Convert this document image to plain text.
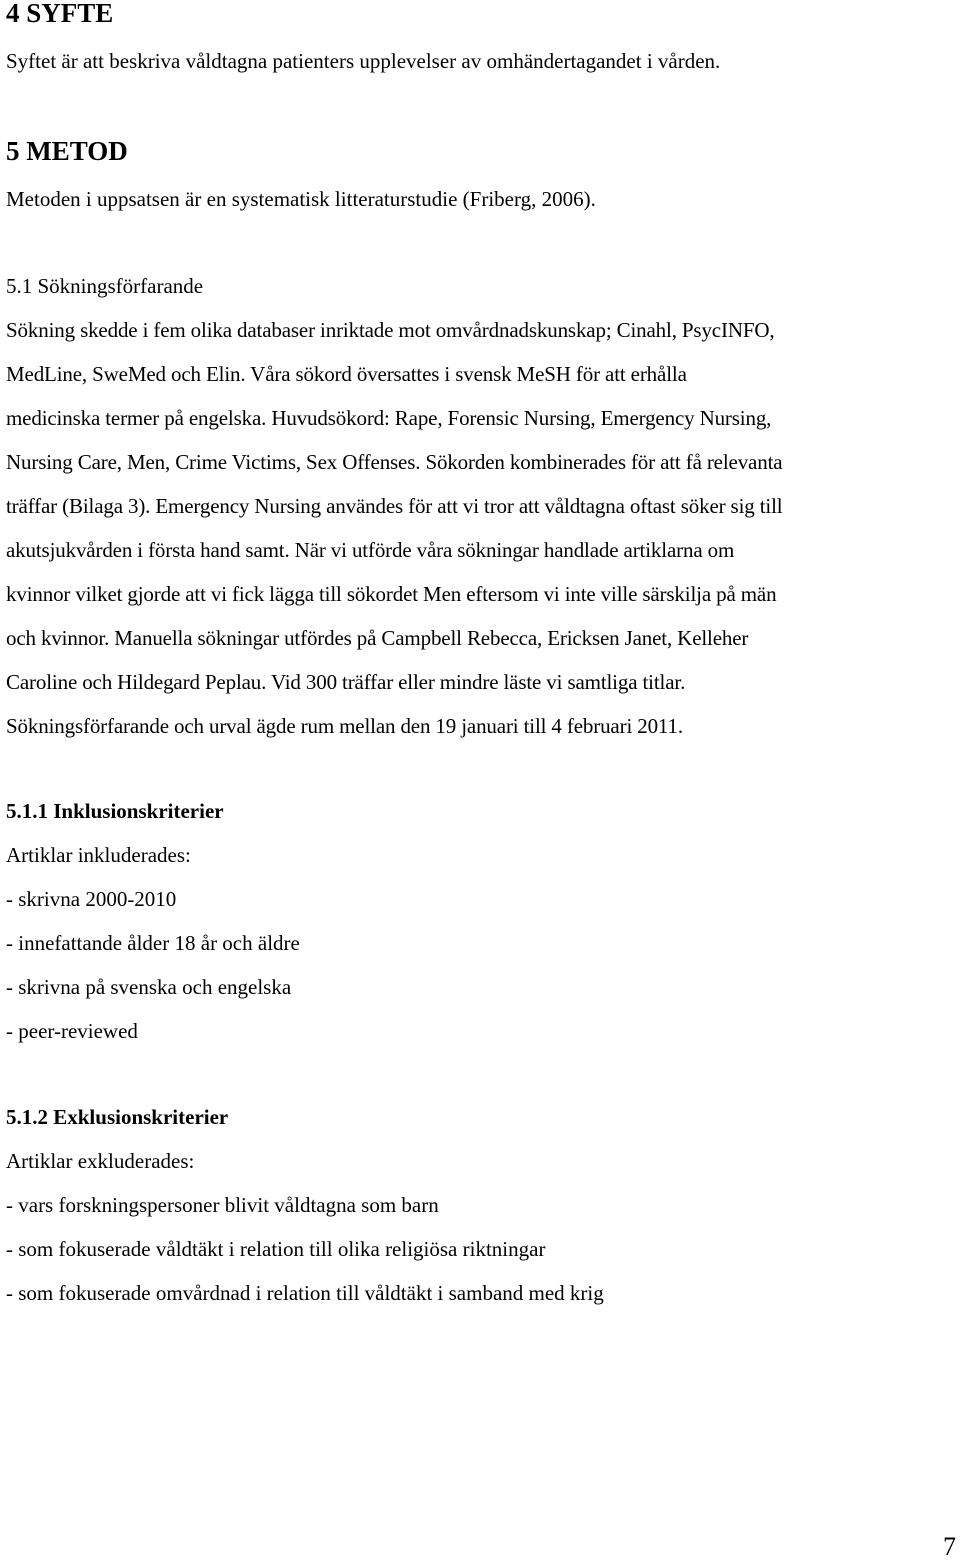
4 SYFTE
Syftet är att beskriva våldtagna patienters upplevelser av omhändertagandet i vården.
5 METOD
Metoden i uppsatsen är en systematisk litteraturstudie (Friberg, 2006).
5.1 Sökningsförfarande
Sökning skedde i fem olika databaser inriktade mot omvårdnadskunskap; Cinahl, PsycINFO,
MedLine, SweMed och Elin. Våra sökord översattes i svensk MeSH för att erhålla
medicinska termer på engelska. Huvudsökord: Rape, Forensic Nursing, Emergency Nursing,
Nursing Care, Men, Crime Victims, Sex Offenses. Sökorden kombinerades för att få relevanta
träffar (Bilaga 3). Emergency Nursing användes för att vi tror att våldtagna oftast söker sig till
akutsjukvården i första hand samt. När vi utförde våra sökningar handlade artiklarna om
kvinnor vilket gjorde att vi fick lägga till sökordet Men eftersom vi inte ville särskilja på män
och kvinnor. Manuella sökningar utfördes på Campbell Rebecca, Ericksen Janet, Kelleher
Caroline och Hildegard Peplau. Vid 300 träffar eller mindre läste vi samtliga titlar.
Sökningsförfarande och urval ägde rum mellan den 19 januari till 4 februari 2011.
5.1.1 Inklusionskriterier
Artiklar inkluderades:
- skrivna 2000-2010
- innefattande ålder 18 år och äldre
- skrivna på svenska och engelska
- peer-reviewed
5.1.2 Exklusionskriterier
Artiklar exkluderades:
- vars forskningspersoner blivit våldtagna som barn
- som fokuserade våldtäkt i relation till olika religiösa riktningar
- som fokuserade omvårdnad i relation till våldtäkt i samband med krig
7
